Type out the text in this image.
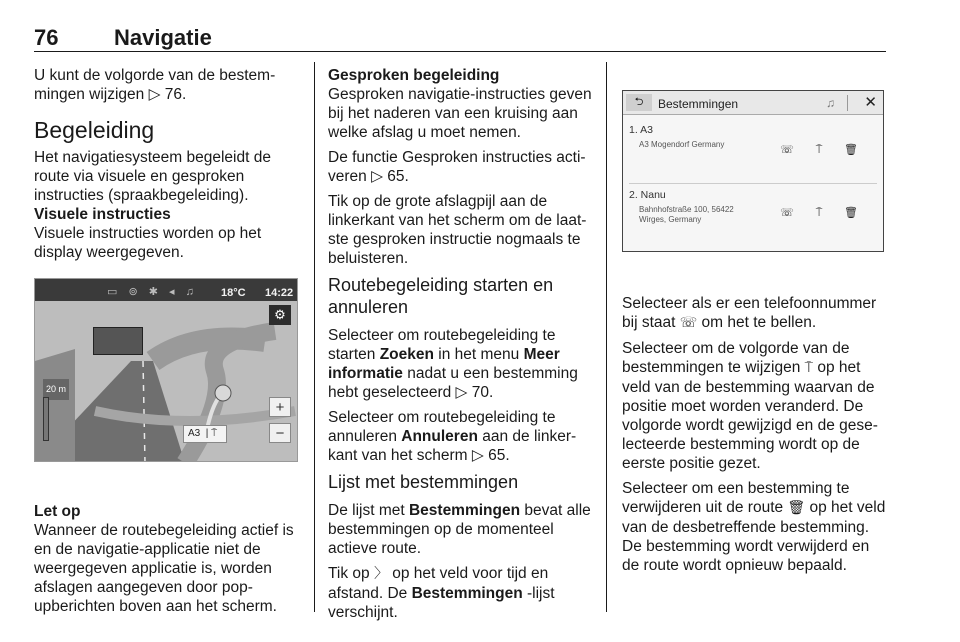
76	Navigatie

U kunt de volgorde van de bestemmingen wijzigen ▷ 76.

Begeleiding

Het navigatiesysteem begeleidt de route via visuele en gesproken instructies (spraakbegeleiding).

Visuele instructies

Visuele instructies worden op het display weergegeven.

▭ ⊚ ✱ ◂ ♫ 18°C 14:22
⚙
+
−
20 m
A3  | ⍑
Let op

Wanneer de routebegeleiding actief is en de navigatie-applicatie niet de weergegeven applicatie is, worden afslagen aangegeven door pop-upberichten boven aan het scherm.

Gesproken begeleiding

Gesproken navigatie-instructies geven bij het naderen van een kruising aan welke afslag u moet nemen.

De functie Gesproken instructies activeren ▷ 65.

Tik op de grote afslagpijl aan de linkerkant van het scherm om de laatste gesproken instructie nogmaals te beluisteren.

Routebegeleiding starten en annuleren

Selecteer om routebegeleiding te starten Zoeken in het menu Meer informatie nadat u een bestemming hebt geselecteerd ▷ 70.

Selecteer om routebegeleiding te annuleren Annuleren aan de linkerkant van het scherm ▷ 65.

Lijst met bestemmingen

De lijst met Bestemmingen bevat alle bestemmingen op de momenteel actieve route.

Tik op 〉 op het veld voor tijd en afstand. De Bestemmingen -lijst verschijnt.

⮌	Bestemmingen	♫ ✕
1. A3
A3 Mogendorf Germany	☏ ⍑ 🗑
2. Nanu
Bahnhofstraße 100, 56422 Wirges, Germany
☏ ⍑ 🗑

Selecteer als er een telefoonnummer bij staat ☏ om het te bellen.

Selecteer om de volgorde van de bestemmingen te wijzigen ⍑ op het veld van de bestemming waarvan de positie moet worden veranderd. De volgorde wordt gewijzigd en de geselecteerde bestemming wordt op de eerste positie gezet.

Selecteer om een bestemming te verwijderen uit de route 🗑 op het veld van de desbetreffende bestemming. De bestemming wordt verwijderd en de route wordt opnieuw bepaald.
